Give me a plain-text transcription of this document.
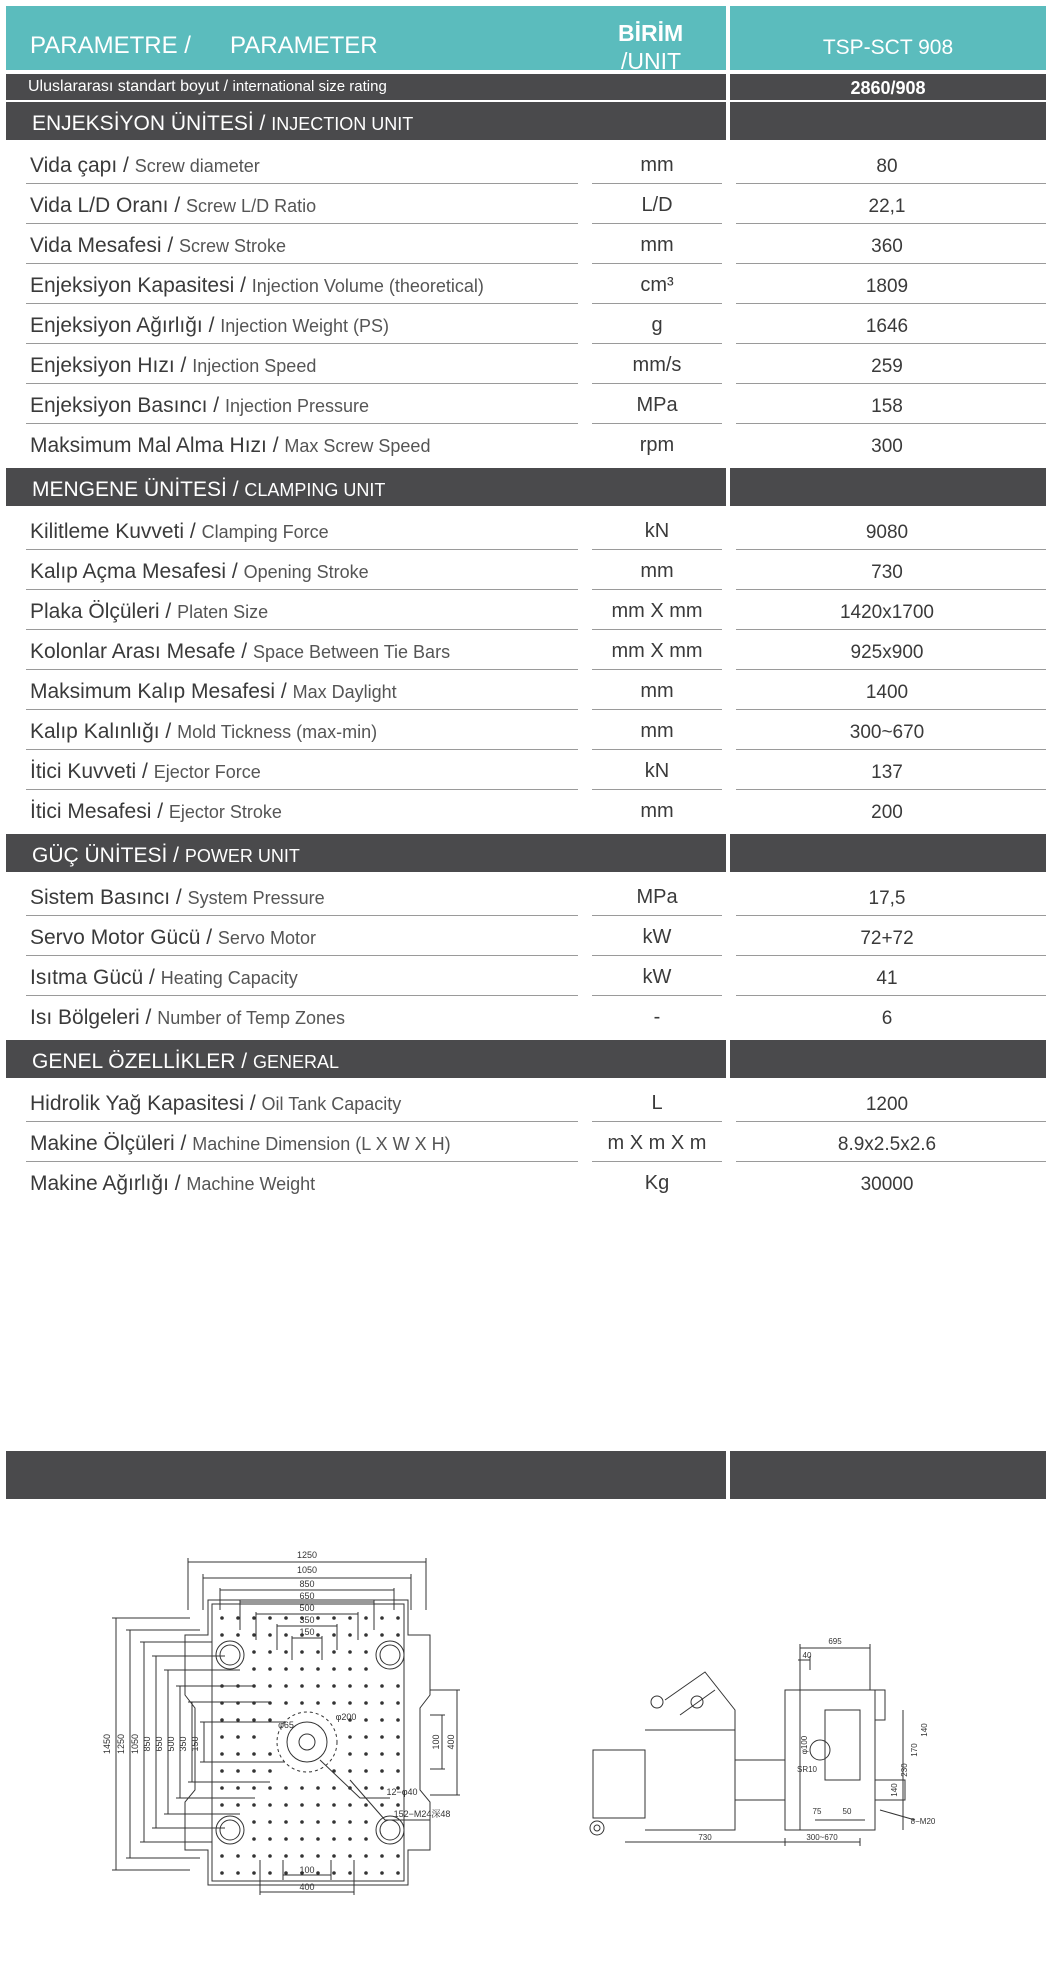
PARAMETRE / PARAMETER	BİRİM
/UNIT
TSP-SCT 908
Uluslararası standart boyut / international size rating	2860/908
ENJEKSİYON ÜNİTESİ / INJECTION UNIT
Vida çapı / Screw diameter	mm	80
Vida L/D Oranı / Screw L/D Ratio	L/D	22,1
Vida Mesafesi / Screw Stroke	mm	360
Enjeksiyon Kapasitesi / Injection Volume (theoretical)	cm³	1809
Enjeksiyon Ağırlığı / Injection Weight (PS)	g	1646
Enjeksiyon Hızı / Injection Speed	mm/s	259
Enjeksiyon Basıncı / Injection Pressure	MPa	158
Maksimum Mal Alma Hızı / Max Screw Speed	rpm	300
MENGENE ÜNİTESİ / CLAMPING UNIT
Kilitleme Kuvveti / Clamping Force	kN	9080
Kalıp Açma Mesafesi / Opening Stroke	mm	730
Plaka Ölçüleri / Platen Size	mm X mm	1420x1700
Kolonlar Arası Mesafe / Space Between Tie Bars	mm X mm	925x900
Maksimum Kalıp Mesafesi / Max Daylight	mm	1400
Kalıp Kalınlığı / Mold Tickness (max-min)	mm	300~670
İtici Kuvveti / Ejector Force	kN	137
İtici Mesafesi / Ejector Stroke	mm	200
GÜÇ ÜNİTESİ / POWER UNIT
Sistem Basıncı / System Pressure	MPa	17,5
Servo Motor Gücü / Servo Motor	kW	72+72
Isıtma Gücü / Heating Capacity	kW	41
Isı Bölgeleri / Number of Temp Zones	-	6
GENEL ÖZELLİKLER / GENERAL
Hidrolik Yağ Kapasitesi / Oil Tank Capacity	L	1200
Makine Ölçüleri / Machine Dimension (L X W X H)	m X m X m	8.9x2.5x2.6
Makine Ağırlığı / Machine Weight	Kg	30000
1250
1050
850
650
500
350
150
1450 1250 1050 850 650 500 350 150	100 400
100
400
φ65
φ200
12−φ40
152−M24深48
695
40
730	300~670
φ100
SR10
75	50
8−M20
140
230
170
140
